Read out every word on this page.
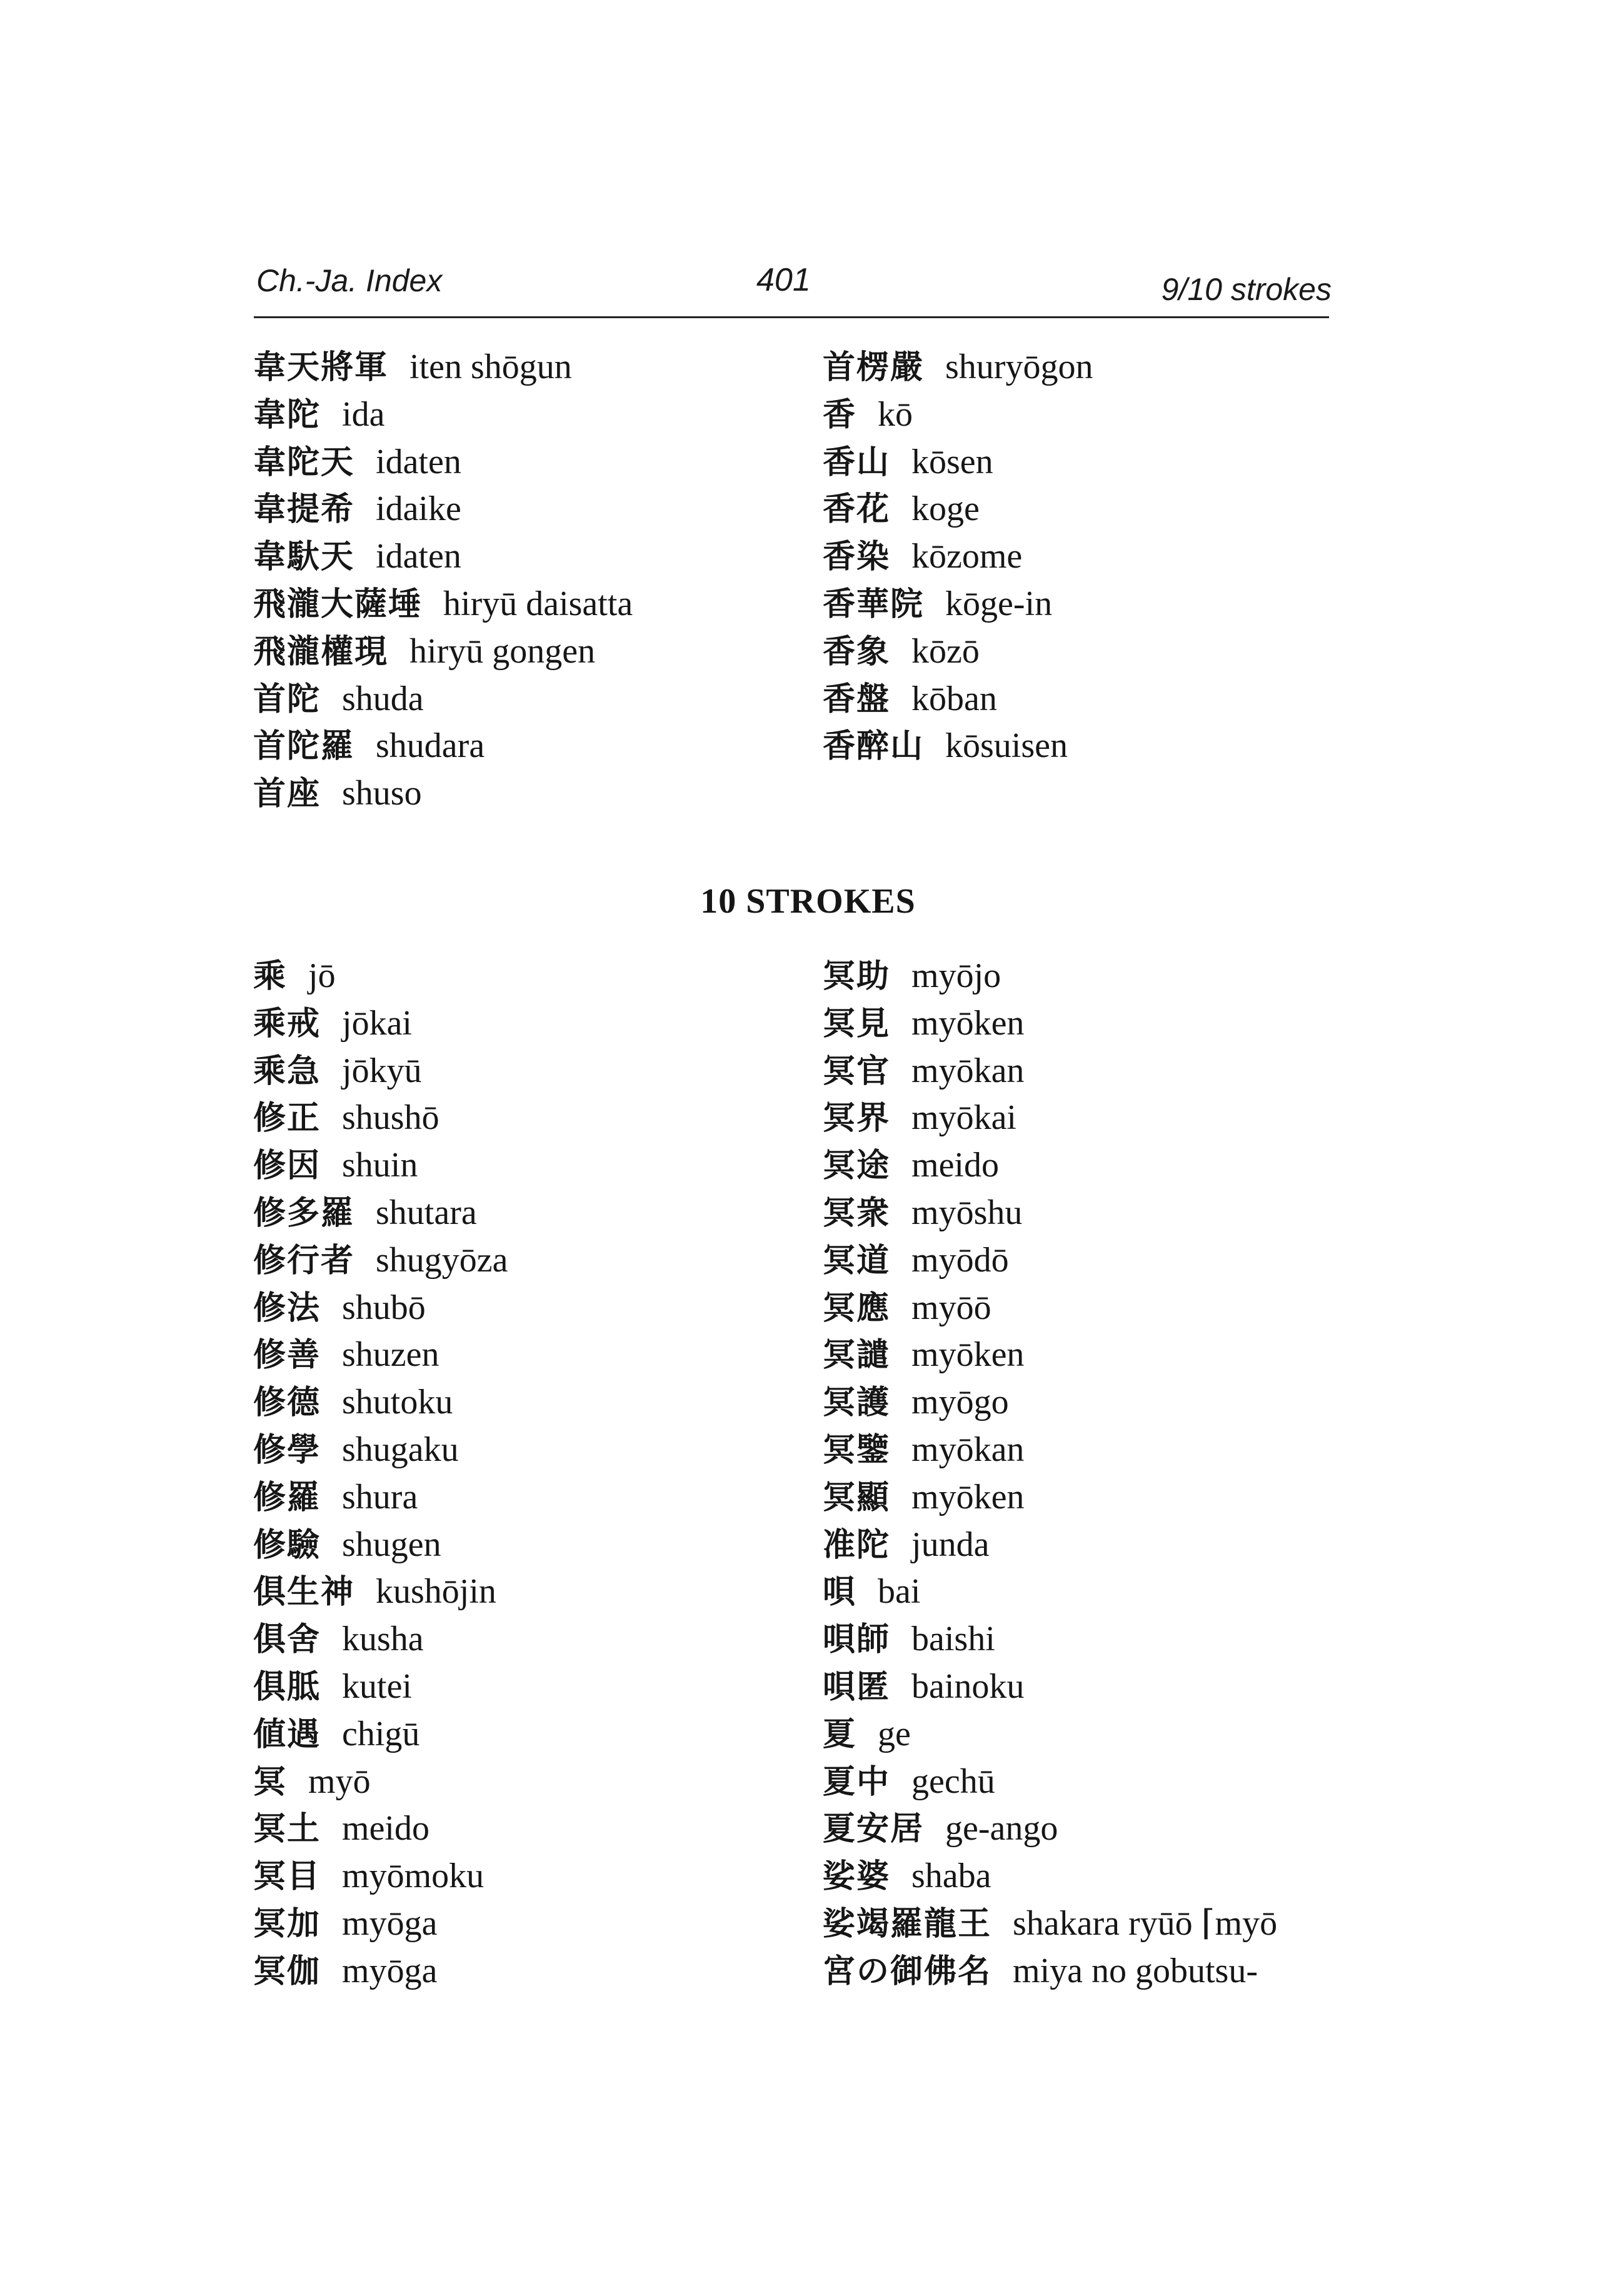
Ch.-Ja. Index	401	9/10 strokes
韋天將軍 iten shōgun
韋陀 ida
韋陀天 idaten
韋提希 idaike
韋馱天 idaten
飛瀧大薩埵 hiryū daisatta
飛瀧權現 hiryū gongen
首陀 shuda
首陀羅 shudara
首座 shuso
首楞嚴 shuryōgon
香 kō
香山 kōsen
香花 koge
香染 kōzome
香華院 kōge-in
香象 kōzō
香盤 kōban
香醉山 kōsuisen
10 STROKES
乘 jō
乘戒 jōkai
乘急 jōkyū
修正 shushō
修因 shuin
修多羅 shutara
修行者 shugyōza
修法 shubō
修善 shuzen
修德 shutoku
修學 shugaku
修羅 shura
修驗 shugen
俱生神 kushōjin
俱舍 kusha
俱胝 kutei
値遇 chigū
冥 myō
冥土 meido
冥目 myōmoku
冥加 myōga
冥伽 myōga
冥助 myōjo
冥見 myōken
冥官 myōkan
冥界 myōkai
冥途 meido
冥衆 myōshu
冥道 myōdō
冥應 myōō
冥譴 myōken
冥護 myōgo
冥鑒 myōkan
冥顯 myōken
准陀 junda
唄 bai
唄師 baishi
唄匿 bainoku
夏 ge
夏中 gechū
夏安居 ge-ango
娑婆 shaba
娑竭羅龍王 shakara ryūō ⌈myō
宮の御佛名 miya no gobutsu-
